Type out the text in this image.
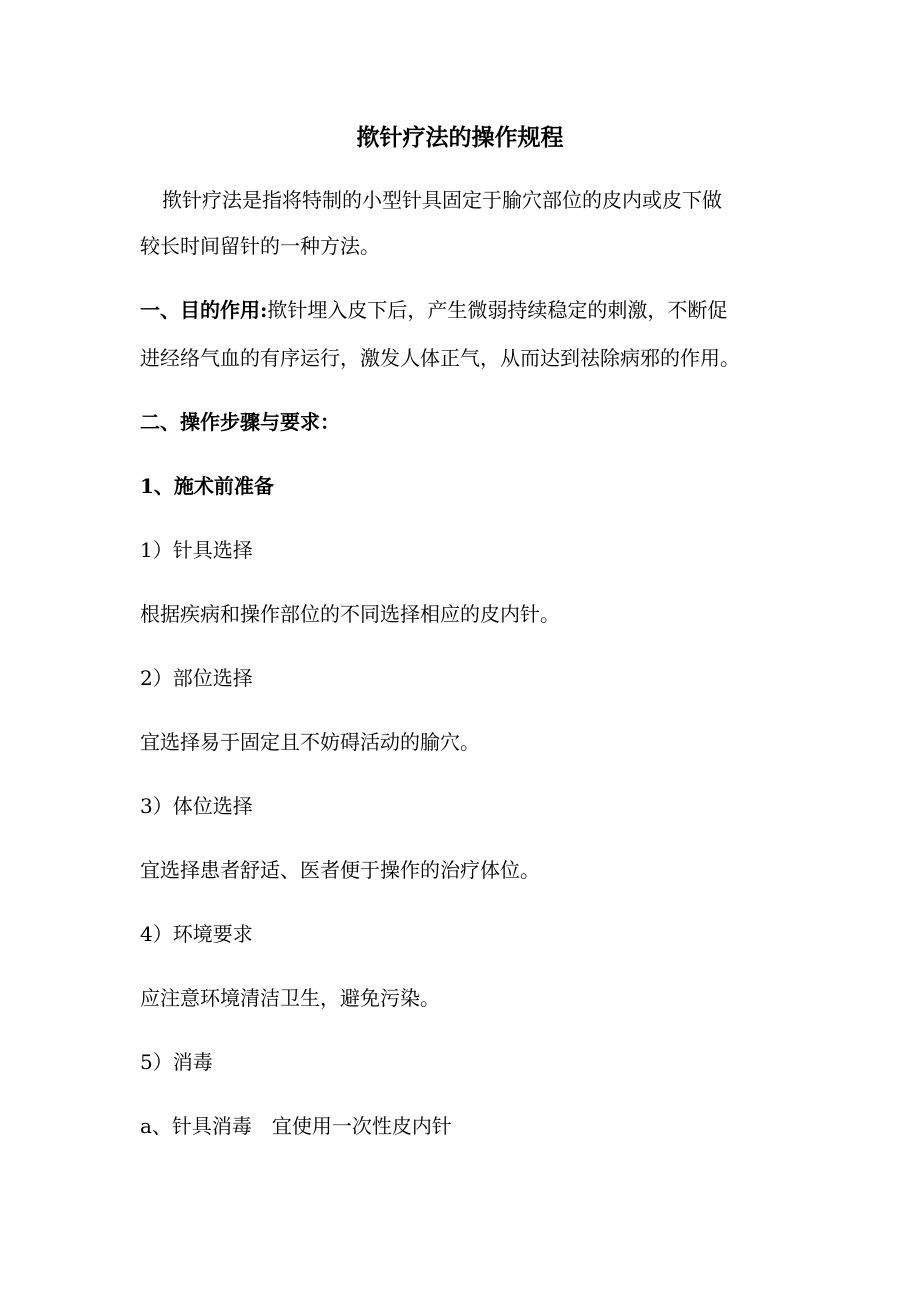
揿针疗法的操作规程
揿针疗法是指将特制的小型针具固定于腧穴部位的皮内或皮下做
较长时间留针的一种方法。
一、目的作用:揿针埋入皮下后，产生微弱持续稳定的刺激，不断促
进经络气血的有序运行，激发人体正气，从而达到祛除病邪的作用。
二、操作步骤与要求：
1、施术前准备
1）针具选择
根据疾病和操作部位的不同选择相应的皮内针。
2）部位选择
宜选择易于固定且不妨碍活动的腧穴。
3）体位选择
宜选择患者舒适、医者便于操作的治疗体位。
4）环境要求
应注意环境清洁卫生，避免污染。
5）消毒
a、针具消毒　宜使用一次性皮内针
